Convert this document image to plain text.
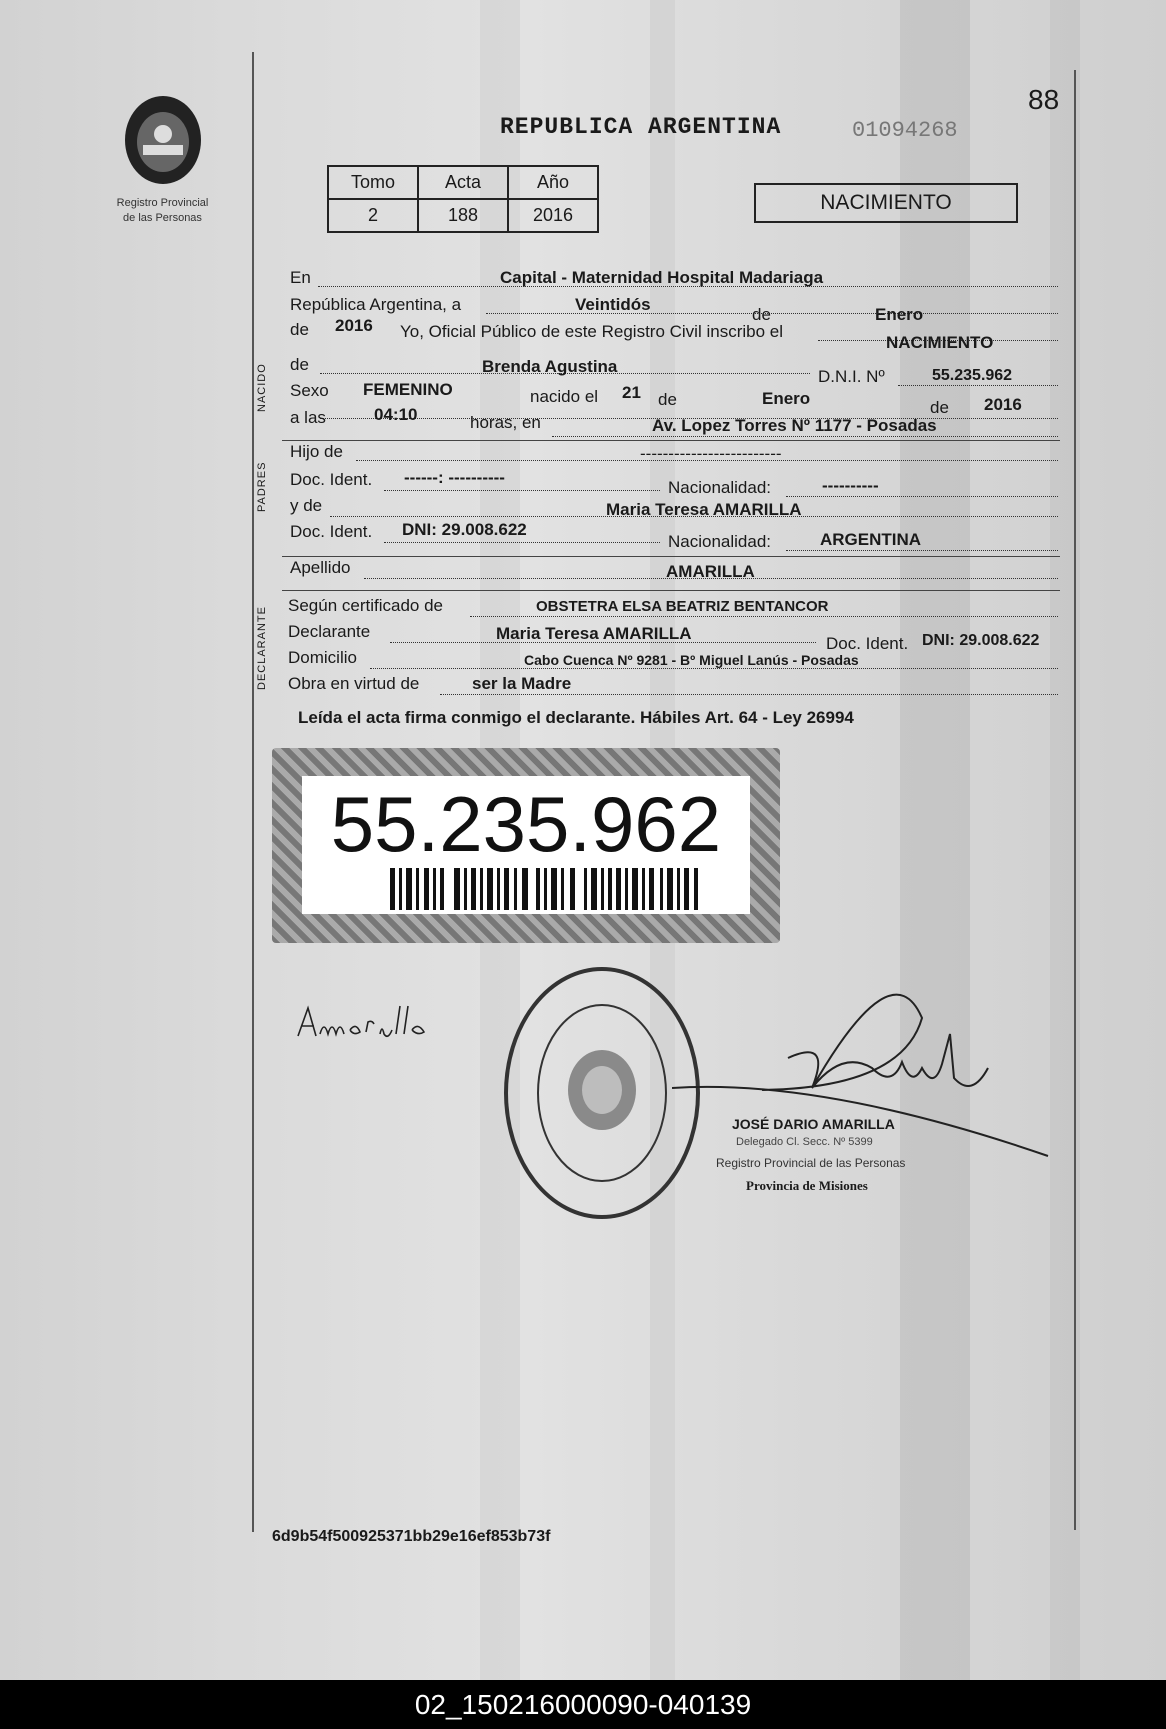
Registro Provincial
de las Personas
88
REPUBLICA ARGENTINA	01094268
Tomo	Acta	Año
2	188	2016
NACIMIENTO
En	Capital - Maternidad Hospital Madariaga
República Argentina, a	Veintidós
de	Enero
de 2016 Yo, Oficial Público de este Registro Civil inscribo el
NACIMIENTO
NACIDO de	Brenda Agustina
D.N.I. Nº	55.235.962
Sexo FEMENINO	nacido el 21 de	Enero	de 2016
a las	04:10	horas, en	Av. Lopez Torres Nº 1177 - Posadas
PADRES
Hijo de	-------------------------
Doc. Ident. ------: ----------
Nacionalidad:	----------
y de	Maria Teresa AMARILLA
Doc. Ident. DNI: 29.008.622
Nacionalidad:	ARGENTINA
Apellido	AMARILLA
DECLARANTE
Según certificado de	OBSTETRA ELSA BEATRIZ BENTANCOR
Declarante	Maria Teresa AMARILLA
Doc. Ident. DNI: 29.008.622
Domicilio	Cabo Cuenca Nº 9281 - Bº Miguel Lanús - Posadas
Obra en virtud de	ser la Madre
Leída el acta firma conmigo el declarante. Hábiles Art. 64 - Ley 26994
55.235.962
JOSÉ DARIO AMARILLA
Delegado Cl. Secc. Nº 5399
Registro Provincial de las Personas
Provincia de Misiones
6d9b54f500925371bb29e16ef853b73f
02_150216000090-040139
